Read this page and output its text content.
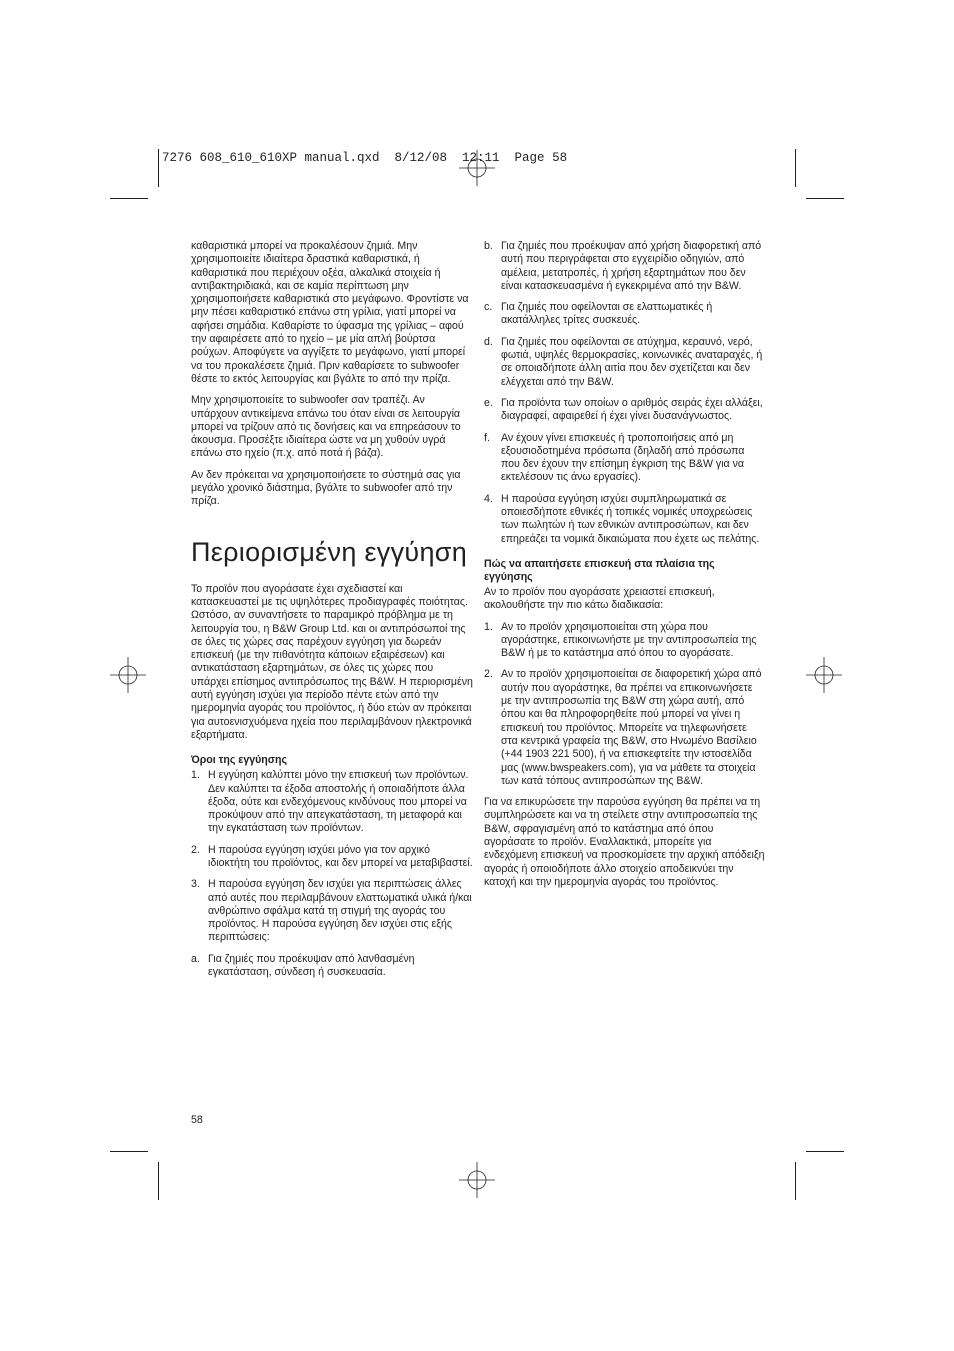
7276 608_610_610XP manual.qxd  8/12/08  12:11  Page 58

καθαριστικά μπορεί να προκαλέσουν ζημιά. Μην χρησιμοποιείτε ιδιαίτερα δραστικά καθαριστικά, ή καθαριστικά που περιέχουν οξέα, αλκαλικά στοιχεία ή αντιβακτηριδιακά, και σε καμία περίπτωση μην χρησιμοποιήσετε καθαριστικά στο μεγάφωνο. Φροντίστε να μην πέσει καθαριστικό επάνω στη γρίλια, γιατί μπορεί να αφήσει σημάδια. Καθαρίστε το ύφασμα της γρίλιας – αφού την αφαιρέσετε από το ηχείο – με μία απλή βούρτσα ρούχων. Αποφύγετε να αγγίξετε το μεγάφωνο, γιατί μπορεί να του προκαλέσετε ζημιά. Πριν καθαρίσετε το subwoofer θέστε το εκτός λειτουργίας και βγάλτε το από την πρίζα.

Μην χρησιμοποιείτε το subwoofer σαν τραπέζι. Αν υπάρχουν αντικείμενα επάνω του όταν είναι σε λειτουργία μπορεί να τρίζουν από τις δονήσεις και να επηρεάσουν το άκουσμα. Προσέξτε ιδιαίτερα ώστε να μη χυθούν υγρά επάνω στο ηχείο (π.χ. από ποτά ή βάζα).

Αν δεν πρόκειται να χρησιμοποιήσετε το σύστημά σας για μεγάλο χρονικό διάστημα, βγάλτε το subwoofer από την πρίζα.

Περιορισμένη εγγύηση

Το προϊόν που αγοράσατε έχει σχεδιαστεί και κατασκευαστεί με τις υψηλότερες προδιαγραφές ποιότητας. Ωστόσο, αν συναντήσετε το παραμικρό πρόβλημα με τη λειτουργία του, η B&W Group Ltd. και οι αντιπρόσωποί της σε όλες τις χώρες σας παρέχουν εγγύηση για δωρεάν επισκευή (με την πιθανότητα κάποιων εξαιρέσεων) και αντικατάσταση εξαρτημάτων, σε όλες τις χώρες που υπάρχει επίσημος αντιπρόσωπος της B&W. Η περιορισμένη αυτή εγγύηση ισχύει για περίοδο πέντε ετών από την ημερομηνία αγοράς του προϊόντος, ή δύο ετών αν πρόκειται για αυτοενισχυόμενα ηχεία που περιλαμβάνουν ηλεκτρονικά εξαρτήματα.

Όροι της εγγύησης
1. Η εγγύηση καλύπτει μόνο την επισκευή των προϊόντων. Δεν καλύπτει τα έξοδα αποστολής ή οποιαδήποτε άλλα έξοδα, ούτε και ενδεχόμενους κινδύνους που μπορεί να προκύψουν από την απεγκατάσταση, τη μεταφορά και την εγκατάσταση των προϊόντων.
2. Η παρούσα εγγύηση ισχύει μόνο για τον αρχικό ιδιοκτήτη του προϊόντος, και δεν μπορεί να μεταβιβαστεί.
3. Η παρούσα εγγύηση δεν ισχύει για περιπτώσεις άλλες από αυτές που περιλαμβάνουν ελαττωματικά υλικά ή/και ανθρώπινο σφάλμα κατά τη στιγμή της αγοράς του προϊόντος. Η παρούσα εγγύηση δεν ισχύει στις εξής περιπτώσεις:
a. Για ζημιές που προέκυψαν από λανθασμένη εγκατάσταση, σύνδεση ή συσκευασία.
b. Για ζημιές που προέκυψαν από χρήση διαφορετική από αυτή που περιγράφεται στο εγχειρίδιο οδηγιών, από αμέλεια, μετατροπές, ή χρήση εξαρτημάτων που δεν είναι κατασκευασμένα ή εγκεκριμένα από την B&W.
c. Για ζημιές που οφείλονται σε ελαττωματικές ή ακατάλληλες τρίτες συσκευές.
d. Για ζημιές που οφείλονται σε ατύχημα, κεραυνό, νερό, φωτιά, υψηλές θερμοκρασίες, κοινωνικές αναταραχές, ή σε οποιαδήποτε άλλη αιτία που δεν σχετίζεται και δεν ελέγχεται από την B&W.
e. Για προϊόντα των οποίων ο αριθμός σειράς έχει αλλάξει, διαγραφεί, αφαιρεθεί ή έχει γίνει δυσανάγνωστος.
f.	Αν έχουν γίνει επισκευές ή τροποποιήσεις από μη εξουσιοδοτημένα πρόσωπα (δηλαδή από πρόσωπα που δεν έχουν την επίσημη έγκριση της B&W για να εκτελέσουν τις άνω εργασίες).
4. Η παρούσα εγγύηση ισχύει συμπληρωματικά σε οποιεσδήποτε εθνικές ή τοπικές νομικές υποχρεώσεις των πωλητών ή των εθνικών αντιπροσώπων, και δεν επηρεάζει τα νομικά δικαιώματα που έχετε ως πελάτης.
Πώς να απαιτήσετε επισκευή στα πλαίσια της εγγύησης

Αν το προϊόν που αγοράσατε χρειαστεί επισκευή, ακολουθήστε την πιο κάτω διαδικασία:

1. Αν το προϊόν χρησιμοποιείται στη χώρα που αγοράστηκε, επικοινωνήστε με την αντιπροσωπεία της B&W ή με το κατάστημα από όπου το αγοράσατε.
2. Αν το προϊόν χρησιμοποιείται σε διαφορετική χώρα από αυτήν που αγοράστηκε, θα πρέπει να επικοινωνήσετε με την αντιπροσωπία της B&W στη χώρα αυτή, από όπου και θα πληροφορηθείτε πού μπορεί να γίνει η επισκευή του προϊόντος. Μπορείτε να τηλεφωνήσετε στα κεντρικά γραφεία της B&W, στο Ηνωμένο Βασίλειο (+44 1903 221 500), ή να επισκεφτείτε την ιστοσελίδα μας (www.bwspeakers.com), για να μάθετε τα στοιχεία των κατά τόπους αντιπροσώπων της B&W.

Για να επικυρώσετε την παρούσα εγγύηση θα πρέπει να τη συμπληρώσετε και να τη στείλετε στην αντιπροσωπεία της B&W, σφραγισμένη από το κατάστημα από όπου αγοράσατε το προϊόν. Εναλλακτικά, μπορείτε για ενδεχόμενη επισκευή να προσκομίσετε την αρχική απόδειξη αγοράς ή οποιοδήποτε άλλο στοιχείο αποδεικνύει την κατοχή και την ημερομηνία αγοράς του προϊόντος.

58
